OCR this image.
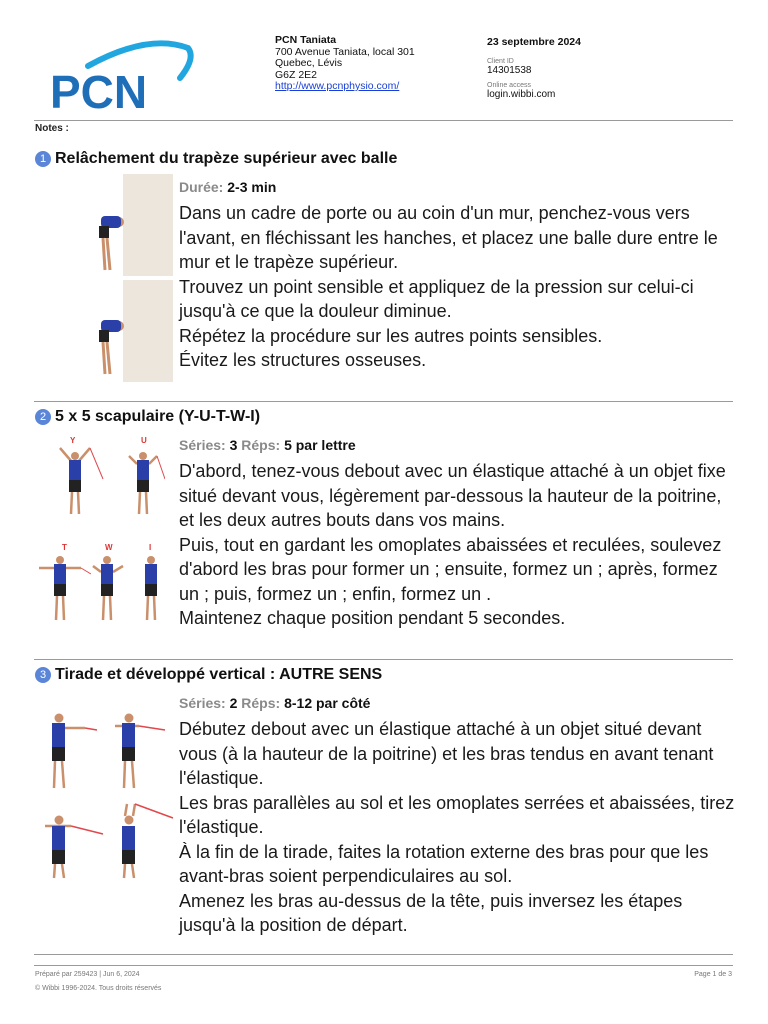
PCN
PCN Taniata
700 Avenue Taniata, local 301
Quebec, Lévis
G6Z 2E2
http://www.pcnphysio.com/
23 septembre 2024
Client ID
14301538
Online access
login.wibbi.com
Notes :
1 Relâchement du trapèze supérieur avec balle
Durée: 2-3 min

Dans un cadre de porte ou au coin d'un mur, penchez-vous vers l'avant, en fléchissant les hanches, et placez une balle dure entre le mur et le trapèze supérieur.

Trouvez un point sensible et appliquez de la pression sur celui-ci jusqu'à ce que la douleur diminue.

Répétez la procédure sur les autres points sensibles.

Évitez les structures osseuses.

2 5 x 5 scapulaire (Y-U-T-W-I)
Y	U
T	W	I
Séries: 3 Réps: 5 par lettre

D'abord, tenez-vous debout avec un élastique attaché à un objet fixe situé devant vous, légèrement par-dessous la hauteur de la poitrine, et les deux autres bouts dans vos mains.

Puis, tout en gardant les omoplates abaissées et reculées, soulevez d'abord les bras pour former un ; ensuite, formez un ; après, formez un ; puis, formez un ; enfin, formez un .

Maintenez chaque position pendant 5 secondes.

3 Tirade et développé vertical : AUTRE SENS
Séries: 2 Réps: 8-12 par côté

Débutez debout avec un élastique attaché à un objet situé devant vous (à la hauteur de la poitrine) et les bras tendus en avant tenant l'élastique.

Les bras parallèles au sol et les omoplates serrées et abaissées, tirez l'élastique.

À la fin de la tirade, faites la rotation externe des bras pour que les avant-bras soient perpendiculaires au sol.

Amenez les bras au-dessus de la tête, puis inversez les étapes jusqu'à la position de départ.

Préparé par 259423 | Jun 6, 2024
© Wibbi 1996-2024. Tous droits réservés
Page 1 de 3
